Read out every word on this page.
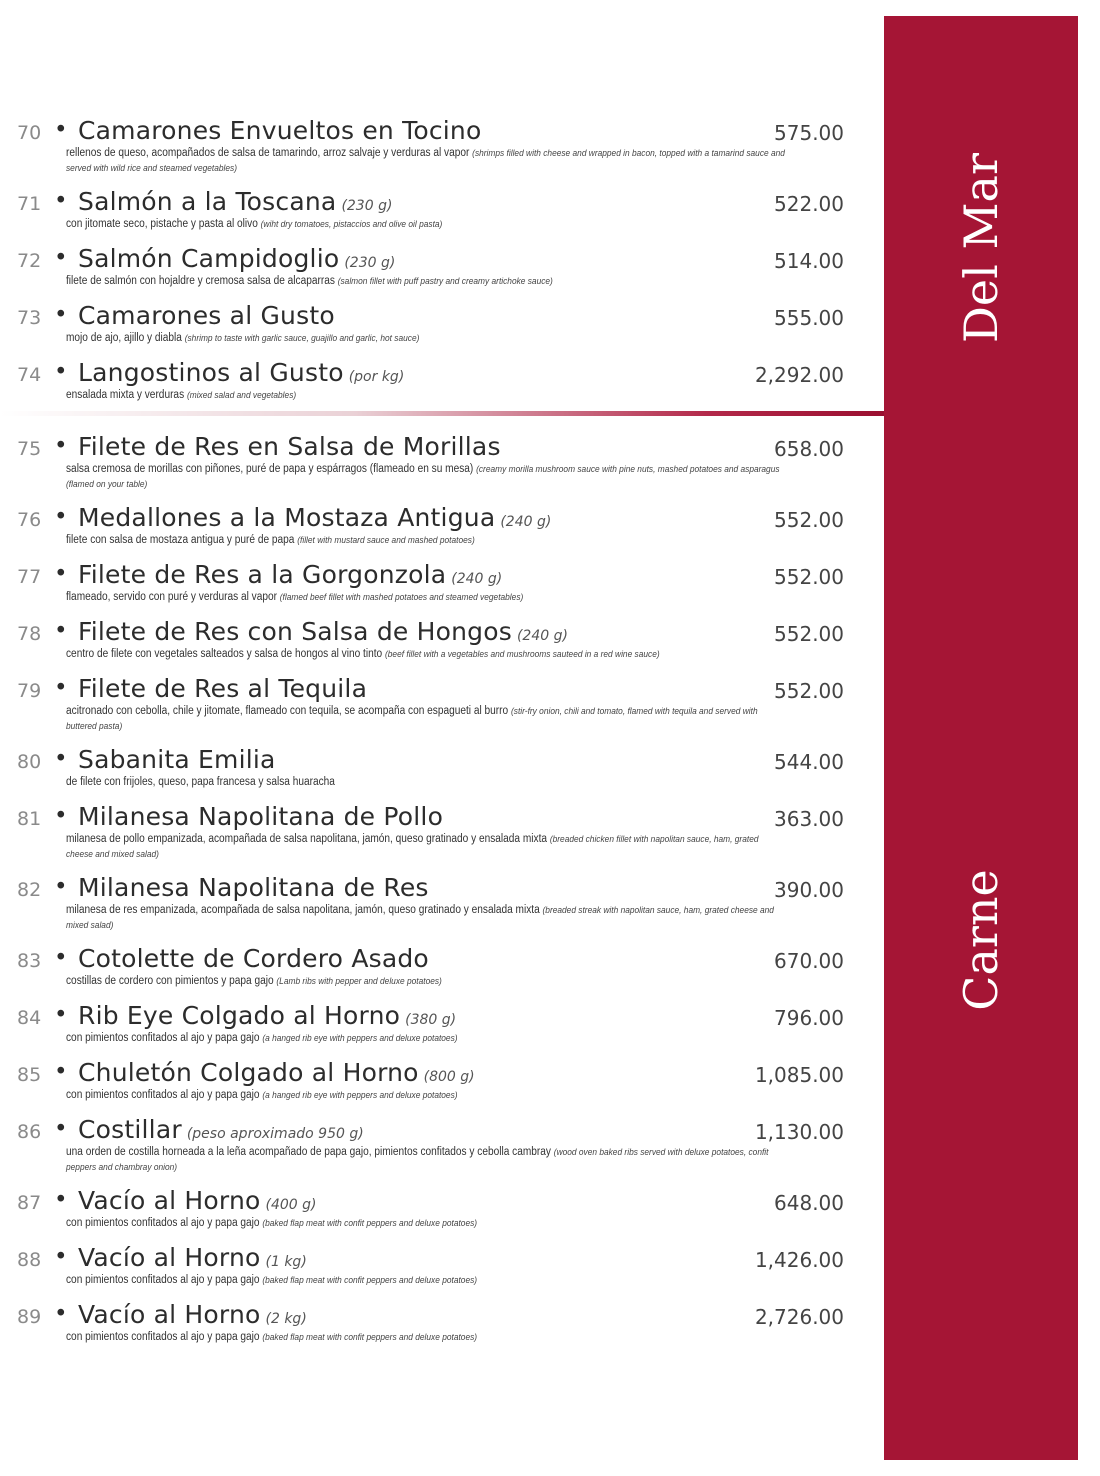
Del Mar
Carne
70 • Camarones Envueltos en Tocino	575.00
rellenos de queso, acompañados de salsa de tamarindo, arroz salvaje y verduras al vapor (shrimps filled with cheese and wrapped in bacon, topped with a tamarind sauce and served with wild rice and steamed vegetables)
71 • Salmón a la Toscana (230 g)	522.00
con jitomate seco, pistache y pasta al olivo (wiht dry tomatoes, pistaccios and olive oil pasta)
72 • Salmón Campidoglio (230 g)	514.00
filete de salmón con hojaldre y cremosa salsa de alcaparras (salmon fillet with puff pastry and creamy artichoke sauce)
73 • Camarones al Gusto	555.00
mojo de ajo, ajillo y diabla (shrimp to taste with garlic sauce, guajillo and garlic, hot sauce)
74 • Langostinos al Gusto (por kg)	2,292.00
ensalada mixta y verduras (mixed salad and vegetables)
75 • Filete de Res en Salsa de Morillas	658.00
salsa cremosa de morillas con piñones, puré de papa y espárragos (flameado en su mesa) (creamy morilla mushroom sauce with pine nuts, mashed potatoes and asparagus (flamed on your table)
76 • Medallones a la Mostaza Antigua (240 g)	552.00
filete con salsa de mostaza antigua y puré de papa (fillet with mustard sauce and mashed potatoes)
77 • Filete de Res a la Gorgonzola (240 g)	552.00
flameado, servido con puré y verduras al vapor (flamed beef fillet with mashed potatoes and steamed vegetables)
78 • Filete de Res con Salsa de Hongos (240 g)	552.00
centro de filete con vegetales salteados y salsa de hongos al vino tinto (beef fillet with a vegetables and mushrooms sauteed in a red wine sauce)
79 • Filete de Res al Tequila	552.00
acitronado con cebolla, chile y jitomate, flameado con tequila, se acompaña con espagueti al burro (stir-fry onion, chili and tomato, flamed with tequila and served with buttered pasta)
80 • Sabanita Emilia	544.00
de filete con frijoles, queso, papa francesa y salsa huaracha
81 • Milanesa Napolitana de Pollo	363.00
milanesa de pollo empanizada, acompañada de salsa napolitana, jamón, queso gratinado y ensalada mixta (breaded chicken fillet with napolitan sauce, ham, grated cheese and mixed salad)
82 • Milanesa Napolitana de Res	390.00
milanesa de res empanizada, acompañada de salsa napolitana, jamón, queso gratinado y ensalada mixta (breaded streak with napolitan sauce, ham, grated cheese and mixed salad)
83 • Cotolette de Cordero Asado	670.00
costillas de cordero con pimientos y papa gajo (Lamb ribs with pepper and deluxe potatoes)
84 • Rib Eye Colgado al Horno (380 g)	796.00
con pimientos confitados al ajo y papa gajo (a hanged rib eye with peppers and deluxe potatoes)
85 • Chuletón Colgado al Horno (800 g)	1,085.00
con pimientos confitados al ajo y papa gajo (a hanged rib eye with peppers and deluxe potatoes)
86 • Costillar (peso aproximado 950 g)	1,130.00
una orden de costilla horneada a la leña acompañado de papa gajo, pimientos confitados y cebolla cambray (wood oven baked ribs served with deluxe potatoes, confit peppers and chambray onion)
87 • Vacío al Horno (400 g)	648.00
con pimientos confitados al ajo y papa gajo (baked flap meat with confit peppers and deluxe potatoes)
88 • Vacío al Horno (1 kg)	1,426.00
con pimientos confitados al ajo y papa gajo (baked flap meat with confit peppers and deluxe potatoes)
89 • Vacío al Horno (2 kg)	2,726.00
con pimientos confitados al ajo y papa gajo (baked flap meat with confit peppers and deluxe potatoes)
